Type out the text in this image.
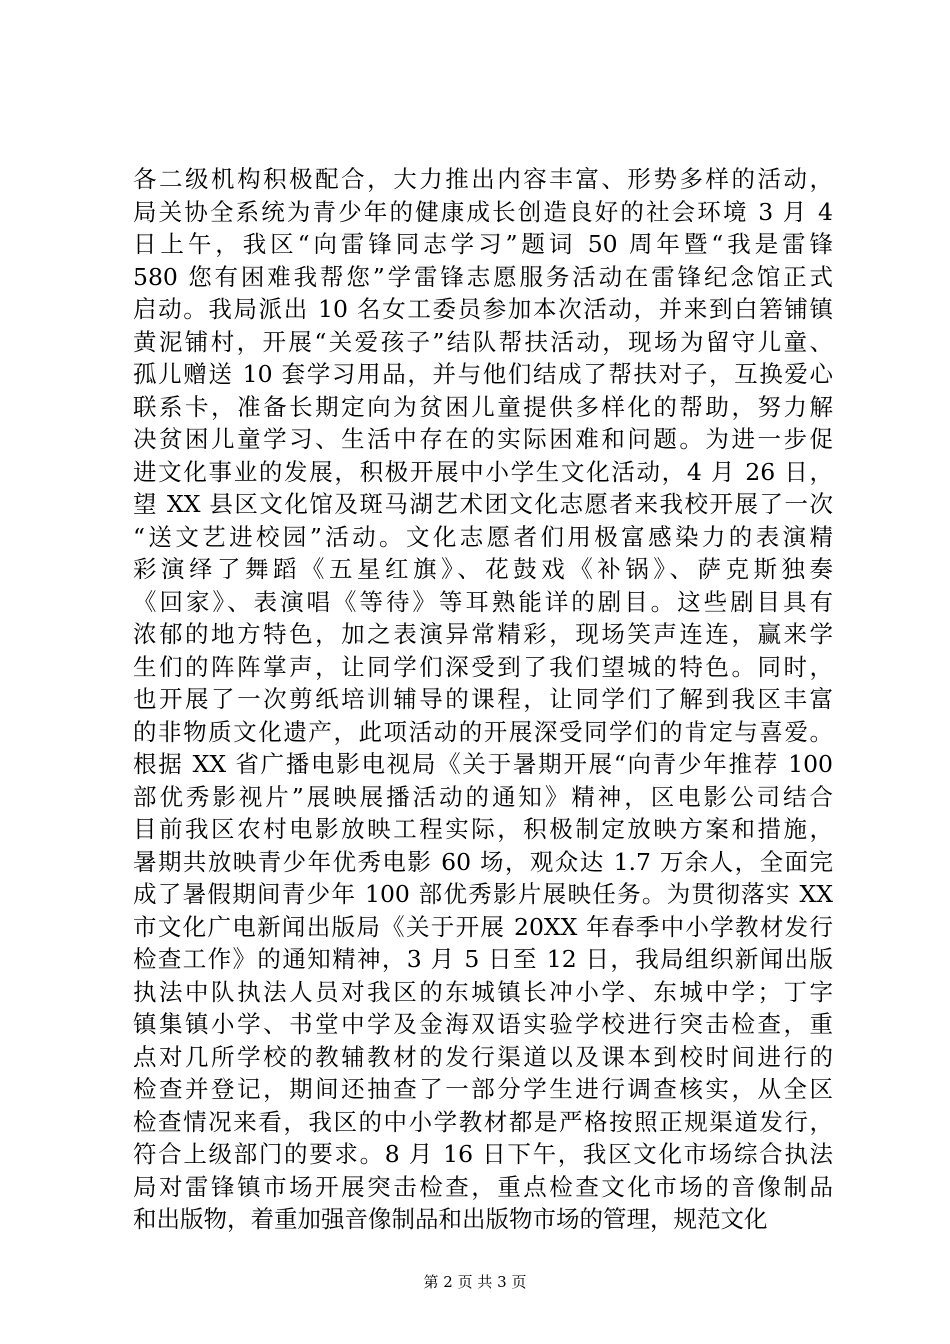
各二级机构积极配合，大力推出内容丰富、形势多样的活动，
局关协全系统为青少年的健康成长创造良好的社会环境 3 月 4
日上午，我区“向雷锋同志学习”题词 50 周年暨“我是雷锋
580 您有困难我帮您”学雷锋志愿服务活动在雷锋纪念馆正式
启动。我局派出 10 名女工委员参加本次活动，并来到白箬铺镇
黄泥铺村，开展“关爱孩子”结队帮扶活动，现场为留守儿童、
孤儿赠送 10 套学习用品，并与他们结成了帮扶对子，互换爱心
联系卡，准备长期定向为贫困儿童提供多样化的帮助，努力解
决贫困儿童学习、生活中存在的实际困难和问题。为进一步促
进文化事业的发展，积极开展中小学生文化活动，4 月 26 日，
望 XX 县区文化馆及斑马湖艺术团文化志愿者来我校开展了一次
“送文艺进校园”活动。文化志愿者们用极富感染力的表演精
彩演绎了舞蹈《五星红旗》、花鼓戏《补锅》、萨克斯独奏
《回家》、表演唱《等待》等耳熟能详的剧目。这些剧目具有
浓郁的地方特色，加之表演异常精彩，现场笑声连连，赢来学
生们的阵阵掌声，让同学们深受到了我们望城的特色。同时，
也开展了一次剪纸培训辅导的课程，让同学们了解到我区丰富
的非物质文化遗产，此项活动的开展深受同学们的肯定与喜爱。
根据 XX 省广播电影电视局《关于暑期开展“向青少年推荐 100
部优秀影视片”展映展播活动的通知》精神，区电影公司结合
目前我区农村电影放映工程实际，积极制定放映方案和措施，
暑期共放映青少年优秀电影 60 场，观众达 1.7 万余人，全面完
成了暑假期间青少年 100 部优秀影片展映任务。为贯彻落实 XX
市文化广电新闻出版局《关于开展 20XX 年春季中小学教材发行
检查工作》的通知精神，3 月 5 日至 12 日，我局组织新闻出版
执法中队执法人员对我区的东城镇长冲小学、东城中学；丁字
镇集镇小学、书堂中学及金海双语实验学校进行突击检查，重
点对几所学校的教辅教材的发行渠道以及课本到校时间进行的
检查并登记，期间还抽查了一部分学生进行调查核实，从全区
检查情况来看，我区的中小学教材都是严格按照正规渠道发行，
符合上级部门的要求。8 月 16 日下午，我区文化市场综合执法
局对雷锋镇市场开展突击检查，重点检查文化市场的音像制品
和出版物，着重加强音像制品和出版物市场的管理，规范文化
第 2 页 共 3 页
